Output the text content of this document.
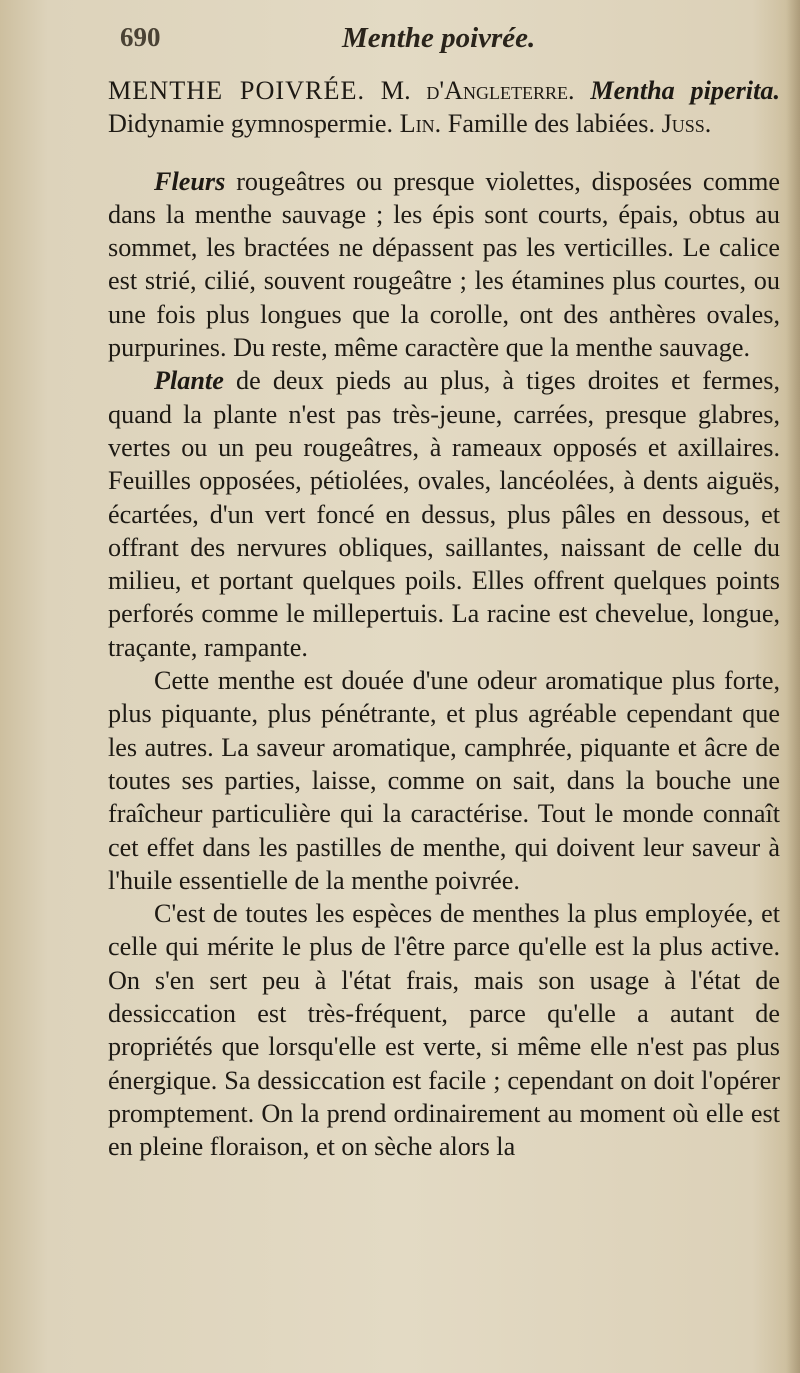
690	Menthe poivrée.

MENTHE POIVRÉE. M. d'Angleterre. Mentha piperita. Didynamie gymnospermie. Lin. Famille des labiées. Juss.

Fleurs rougeâtres ou presque violettes, disposées comme dans la menthe sauvage ; les épis sont courts, épais, obtus au sommet, les bractées ne dépassent pas les verticilles. Le calice est strié, cilié, souvent rougeâtre ; les étamines plus courtes, ou une fois plus longues que la corolle, ont des anthères ovales, purpurines. Du reste, même caractère que la menthe sauvage.

Plante de deux pieds au plus, à tiges droites et fermes, quand la plante n'est pas très-jeune, carrées, presque glabres, vertes ou un peu rougeâtres, à rameaux opposés et axillaires. Feuilles opposées, pétiolées, ovales, lancéolées, à dents aiguës, écartées, d'un vert foncé en dessus, plus pâles en dessous, et offrant des nervures obliques, saillantes, naissant de celle du milieu, et portant quelques poils. Elles offrent quelques points perforés comme le millepertuis. La racine est chevelue, longue, traçante, rampante.

Cette menthe est douée d'une odeur aromatique plus forte, plus piquante, plus pénétrante, et plus agréable cependant que les autres. La saveur aromatique, camphrée, piquante et âcre de toutes ses parties, laisse, comme on sait, dans la bouche une fraîcheur particulière qui la caractérise. Tout le monde connaît cet effet dans les pastilles de menthe, qui doivent leur saveur à l'huile essentielle de la menthe poivrée.

C'est de toutes les espèces de menthes la plus employée, et celle qui mérite le plus de l'être parce qu'elle est la plus active. On s'en sert peu à l'état frais, mais son usage à l'état de dessiccation est très-fréquent, parce qu'elle a autant de propriétés que lorsqu'elle est verte, si même elle n'est pas plus énergique. Sa dessiccation est facile ; cependant on doit l'opérer promptement. On la prend ordinairement au moment où elle est en pleine floraison, et on sèche alors la
